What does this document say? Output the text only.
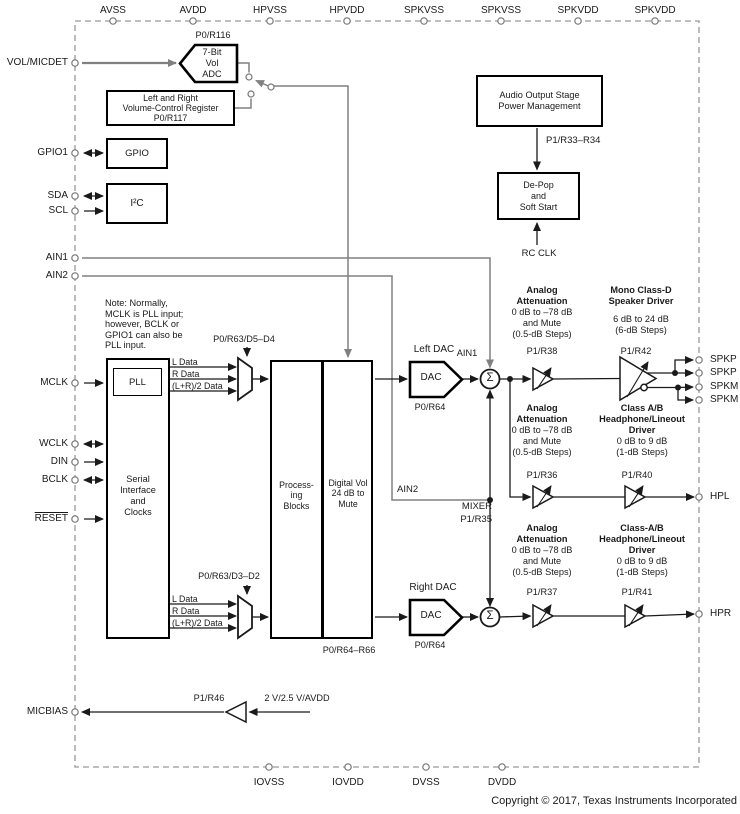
AVSS	AVDD	HPVSS	HPVDD	SPKVSS	SPKVSS	SPKVDD	SPKVDD
VOL/MICDET
GPIO1
SDA
SCL
AIN1
AIN2
MCLK
WCLK
DIN
BCLK
RESET
MICBIAS
IOVSS	IOVDD	DVSS	DVDD
SPKP
SPKP
SPKM
SPKM
HPL
HPR
P0/R116
7-Bit
Vol
ADC
Left and Right
Volume-Control Register
P0/R117
GPIO
I²C
PLL
Serial
Interface
and
Clocks
Process-
ing
Blocks
Digital Vol
24 dB to
Mute
P0/R64–R66
Left DAC
DAC
P0/R64
Right DAC
DAC
P0/R64
Audio Output Stage
Power Management
P1/R33–R34
De-Pop
and
Soft Start
RC CLK
P0/R63/D5–D4
P0/R63/D3–D2
L Data
R Data
(L+R)/2 Data
L Data
R Data
(L+R)/2 Data
Note: Normally,
MCLK is PLL input;
however, BCLK or
GPIO1 can also be
PLL input.
AIN1
AIN2
MIXER
P1/R35
Σ
Σ
P1/R38	P1/R42
P1/R36	P1/R40
P1/R37	P1/R41
Analog
Attenuation
0 dB to –78 dB
and Mute
(0.5-dB Steps)
Mono Class-D
Speaker Driver
6 dB to 24 dB
(6-dB Steps)
Analog
Attenuation
0 dB to –78 dB
and Mute
(0.5-dB Steps)
Class A/B
Headphone/Lineout
Driver
0 dB to 9 dB
(1-dB Steps)
Analog
Attenuation
0 dB to –78 dB
and Mute
(0.5-dB Steps)
Class-A/B
Headphone/Lineout
Driver
0 dB to 9 dB
(1-dB Steps)
P1/R46	2 V/2.5 V/AVDD
Copyright © 2017, Texas Instruments Incorporated
